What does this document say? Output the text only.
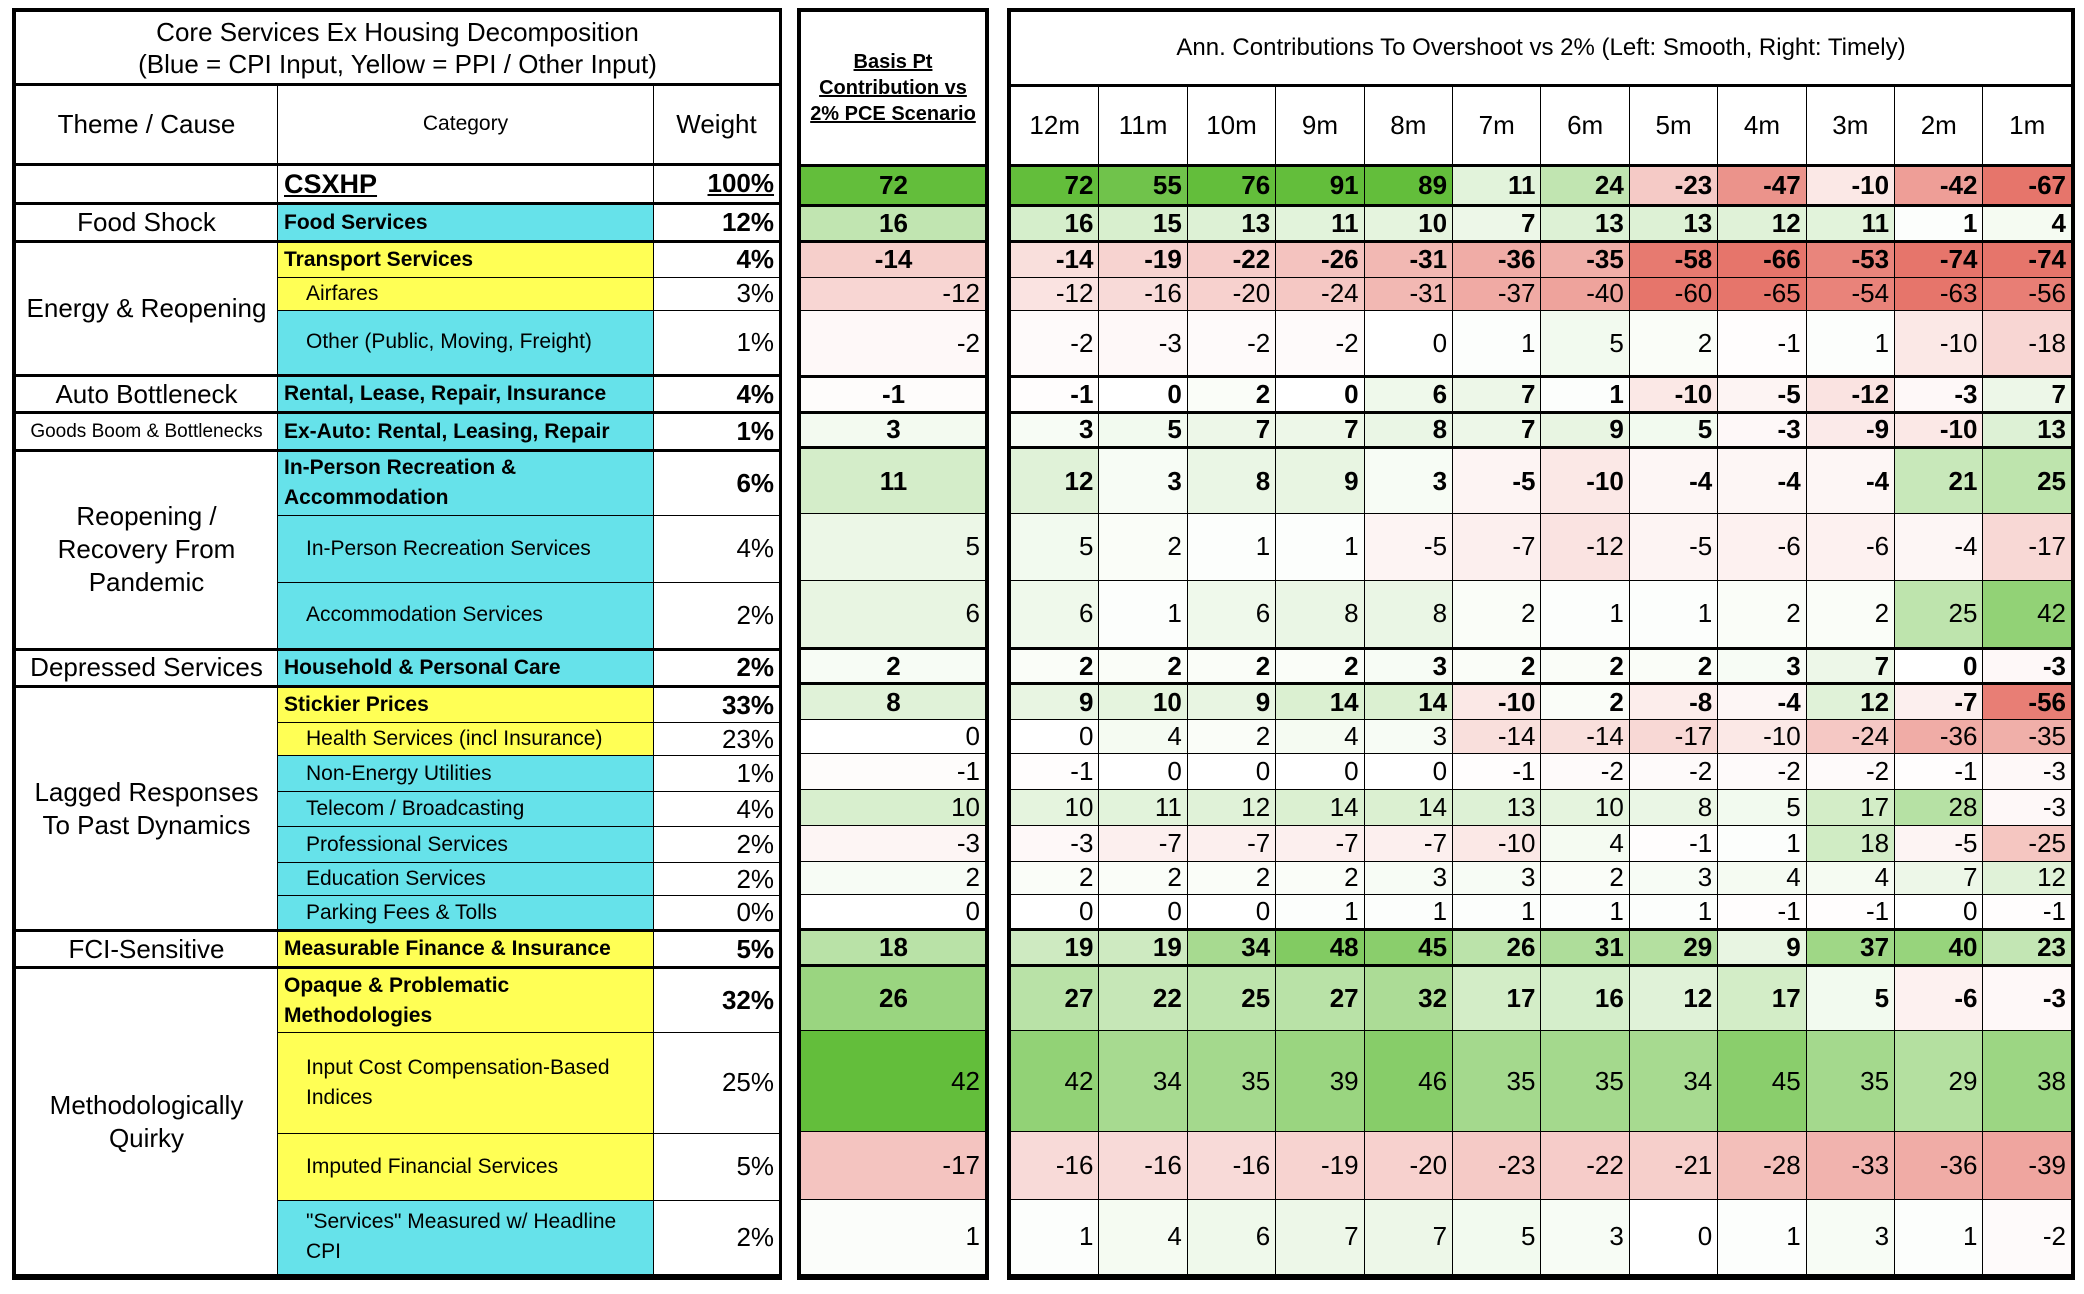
Core Services Ex Housing Decomposition
(Blue = CPI Input, Yellow = PPI / Other Input)		

Theme / Cause	Category	Weight
	CSXHP	100%
Food Shock	Food Services	12%
Energy & Reopening	Transport Services	4%
	Airfares	3%
	Other (Public, Moving, Freight)	1%
Auto Bottleneck	Rental, Lease, Repair, Insurance	4%
Goods Boom & Bottlenecks	Ex-Auto: Rental, Leasing, Repair	1%
Reopening / Recovery From Pandemic	In-Person Recreation & Accommodation	6%
	In-Person Recreation Services	4%
	Accommodation Services	2%
Depressed Services	Household & Personal Care	2%
Lagged Responses To Past Dynamics	Stickier Prices	33%
	Health Services (incl Insurance)	23%
	Non-Energy Utilities	1%
	Telecom / Broadcasting	4%
	Professional Services	2%
	Education Services	2%
	Parking Fees & Tolls	0%
FCI-Sensitive	Measurable Finance & Insurance	5%
Methodologically Quirky	Opaque & Problematic Methodologies	32%
	Input Cost Compensation-Based Indices	25%
	Imputed Financial Services	5%
	"Services" Measured w/ Headline CPI	2%
Basis Pt Contribution vs 2% PCE Scenario
72
16
-14
-12
-2
-1
3
11
5
6
2
8
0
-1
10
-3
2
0
18
26
42
-17
1
Ann. Contributions To Overshoot vs 2% (Left: Smooth, Right: Timely)											
12m	11m	10m	9m	8m	7m	6m	5m	4m	3m	2m	1m
72	55	76	91	89	11	24	-23	-47	-10	-42	-67
16	15	13	11	10	7	13	13	12	11	1	4
-14	-19	-22	-26	-31	-36	-35	-58	-66	-53	-74	-74
-12	-16	-20	-24	-31	-37	-40	-60	-65	-54	-63	-56
-2	-3	-2	-2	0	1	5	2	-1	1	-10	-18
-1	0	2	0	6	7	1	-10	-5	-12	-3	7
3	5	7	7	8	7	9	5	-3	-9	-10	13
12	3	8	9	3	-5	-10	-4	-4	-4	21	25
5	2	1	1	-5	-7	-12	-5	-6	-6	-4	-17
6	1	6	8	8	2	1	1	2	2	25	42
2	2	2	2	3	2	2	2	3	7	0	-3
9	10	9	14	14	-10	2	-8	-4	12	-7	-56
0	4	2	4	3	-14	-14	-17	-10	-24	-36	-35
-1	0	0	0	0	-1	-2	-2	-2	-2	-1	-3
10	11	12	14	14	13	10	8	5	17	28	-3
-3	-7	-7	-7	-7	-10	4	-1	1	18	-5	-25
2	2	2	2	3	3	2	3	4	4	7	12
0	0	0	1	1	1	1	1	-1	-1	0	-1
19	19	34	48	45	26	31	29	9	37	40	23
27	22	25	27	32	17	16	12	17	5	-6	-3
42	34	35	39	46	35	35	34	45	35	29	38
-16	-16	-16	-19	-20	-23	-22	-21	-28	-33	-36	-39
1	4	6	7	7	5	3	0	1	3	1	-2
